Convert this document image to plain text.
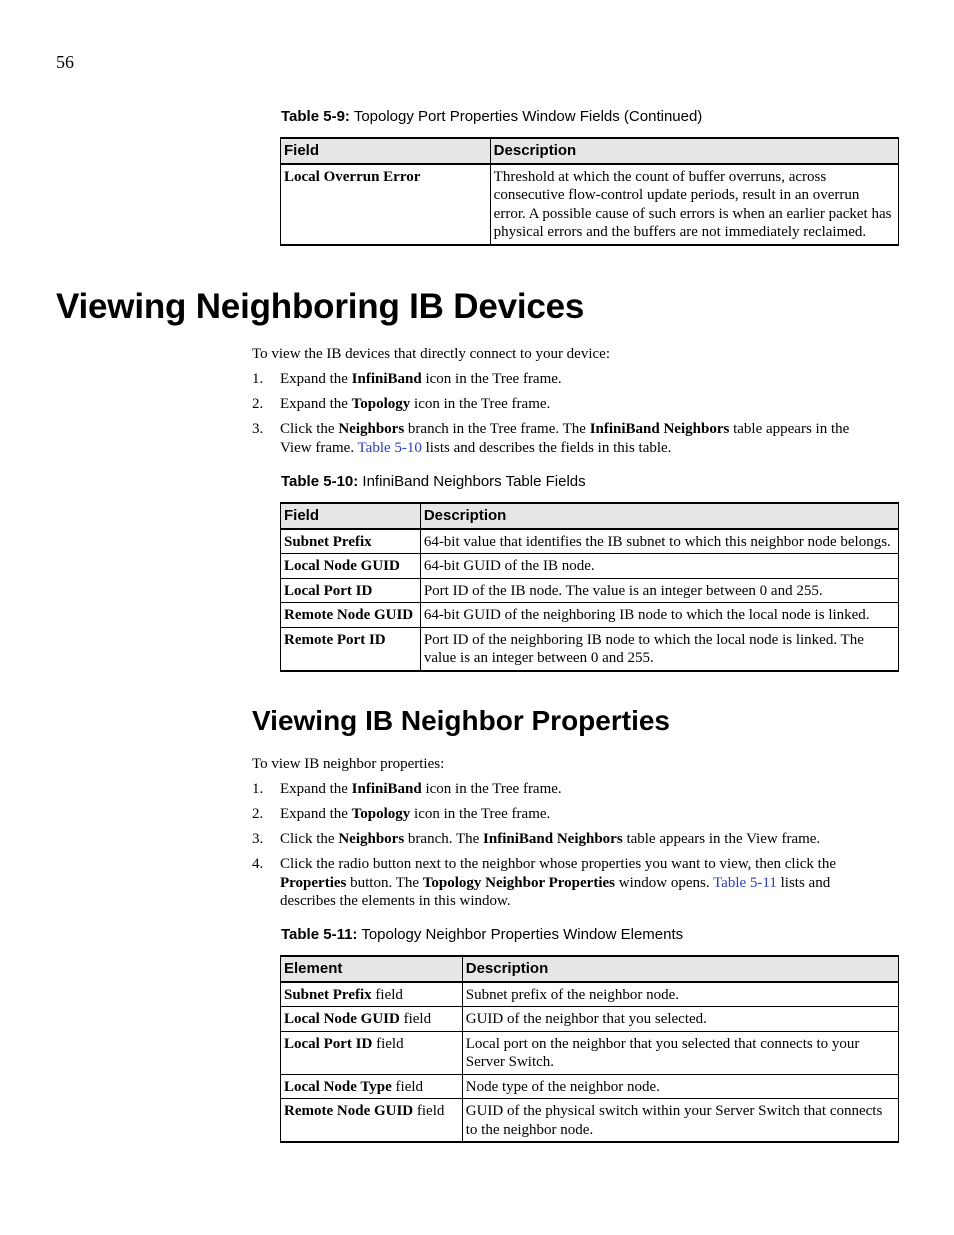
56
Table 5-9: Topology Port Properties Window Fields (Continued)
Field	Description
Local Overrun Error	Threshold at which the count of buffer overruns, across consecutive flow-control update periods, result in an overrun error. A possible cause of such errors is when an earlier packet has physical errors and the buffers are not immediately reclaimed.
Viewing Neighboring IB Devices
To view the IB devices that directly connect to your device:
1.	Expand the InfiniBand icon in the Tree frame.
2.	Expand the Topology icon in the Tree frame.
3.	Click the Neighbors branch in the Tree frame. The InfiniBand Neighbors table appears in the View frame. Table 5-10 lists and describes the fields in this table.
Table 5-10: InfiniBand Neighbors Table Fields
Field	Description
Subnet Prefix	64-bit value that identifies the IB subnet to which this neighbor node belongs.
Local Node GUID	64-bit GUID of the IB node.
Local Port ID	Port ID of the IB node. The value is an integer between 0 and 255.
Remote Node GUID	64-bit GUID of the neighboring IB node to which the local node is linked.
Remote Port ID	Port ID of the neighboring IB node to which the local node is linked. The value is an integer between 0 and 255.
Viewing IB Neighbor Properties
To view IB neighbor properties:
1.	Expand the InfiniBand icon in the Tree frame.
2.	Expand the Topology icon in the Tree frame.
3.	Click the Neighbors branch. The InfiniBand Neighbors table appears in the View frame.
4.	Click the radio button next to the neighbor whose properties you want to view, then click the Properties button. The Topology Neighbor Properties window opens. Table 5-11 lists and describes the elements in this window.
Table 5-11: Topology Neighbor Properties Window Elements
Element	Description
Subnet Prefix field	Subnet prefix of the neighbor node.
Local Node GUID field	GUID of the neighbor that you selected.
Local Port ID field	Local port on the neighbor that you selected that connects to your Server Switch.
Local Node Type field	Node type of the neighbor node.
Remote Node GUID field	GUID of the physical switch within your Server Switch that connects to the neighbor node.
